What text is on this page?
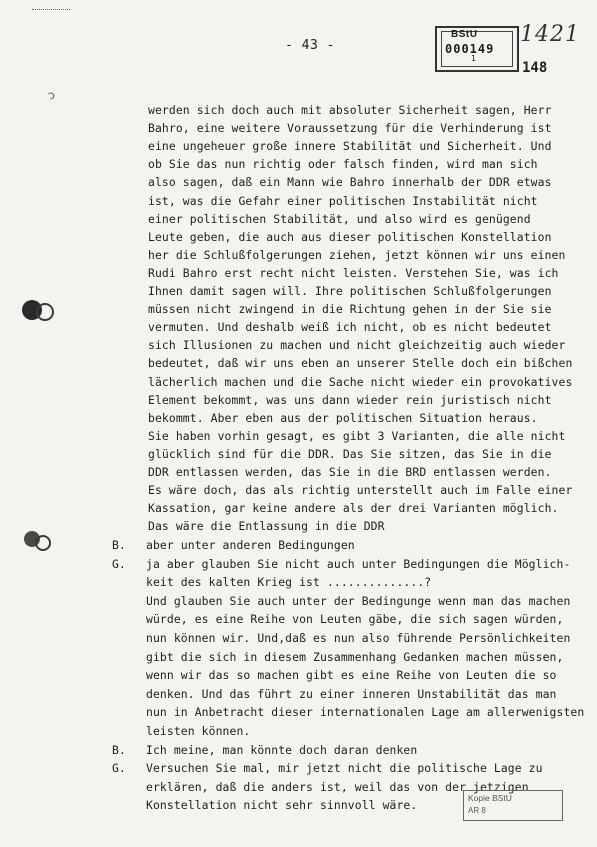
- 43 -
BStU
000149
1
1421
148
ↄ
werden sich doch auch mit absoluter Sicherheit sagen, Herr
Bahro, eine weitere Voraussetzung für die Verhinderung ist
eine ungeheuer große innere Stabilität und Sicherheit. Und
ob Sie das nun richtig oder falsch finden, wird man sich
also sagen, daß ein Mann wie Bahro innerhalb der DDR etwas
ist, was die Gefahr einer politischen Instabilität nicht
einer politischen Stabilität, und also wird es genügend
Leute geben, die auch aus dieser politischen Konstellation
her die Schlußfolgerungen ziehen, jetzt können wir uns einen
Rudi Bahro erst recht nicht leisten. Verstehen Sie, was ich
Ihnen damit sagen will. Ihre politischen Schlußfolgerungen
müssen nicht zwingend in die Richtung gehen in der Sie sie
vermuten. Und deshalb weiß ich nicht, ob es nicht bedeutet
sich Illusionen zu machen und nicht gleichzeitig auch wieder
bedeutet, daß wir uns eben an unserer Stelle doch ein bißchen
lächerlich machen und die Sache nicht wieder ein provokatives
Element bekommt, was uns dann wieder rein juristisch nicht
bekommt. Aber eben aus der politischen Situation heraus.
Sie haben vorhin gesagt, es gibt 3 Varianten, die alle nicht
glücklich sind für die DDR. Das Sie sitzen, das Sie in die
DDR entlassen werden, das Sie in die BRD entlassen werden.
Es wäre doch, das als richtig unterstellt auch im Falle einer
Kassation, gar keine andere als der drei Varianten möglich.
Das wäre die Entlassung in die DDR
B. aber unter anderen Bedingungen
G. ja aber glauben Sie nicht auch unter Bedingungen die Möglich-
keit des kalten Krieg ist ..............?
Und glauben Sie auch unter der Bedingunge wenn man das machen
würde, es eine Reihe von Leuten gäbe, die sich sagen würden,
nun können wir. Und,daß es nun also führende Persönlichkeiten
gibt die sich in diesem Zusammenhang Gedanken machen müssen,
wenn wir das so machen gibt es eine Reihe von Leuten die so
denken. Und das führt zu einer inneren Unstabilität das man
nun in Anbetracht dieser internationalen Lage am allerwenigsten
leisten können.
B. Ich meine, man könnte doch daran denken
G. Versuchen Sie mal, mir jetzt nicht die politische Lage zu
erklären, daß die anders ist, weil das von der jetzigen
Konstellation nicht sehr sinnvoll wäre.
Kopie BStU
AR 8
